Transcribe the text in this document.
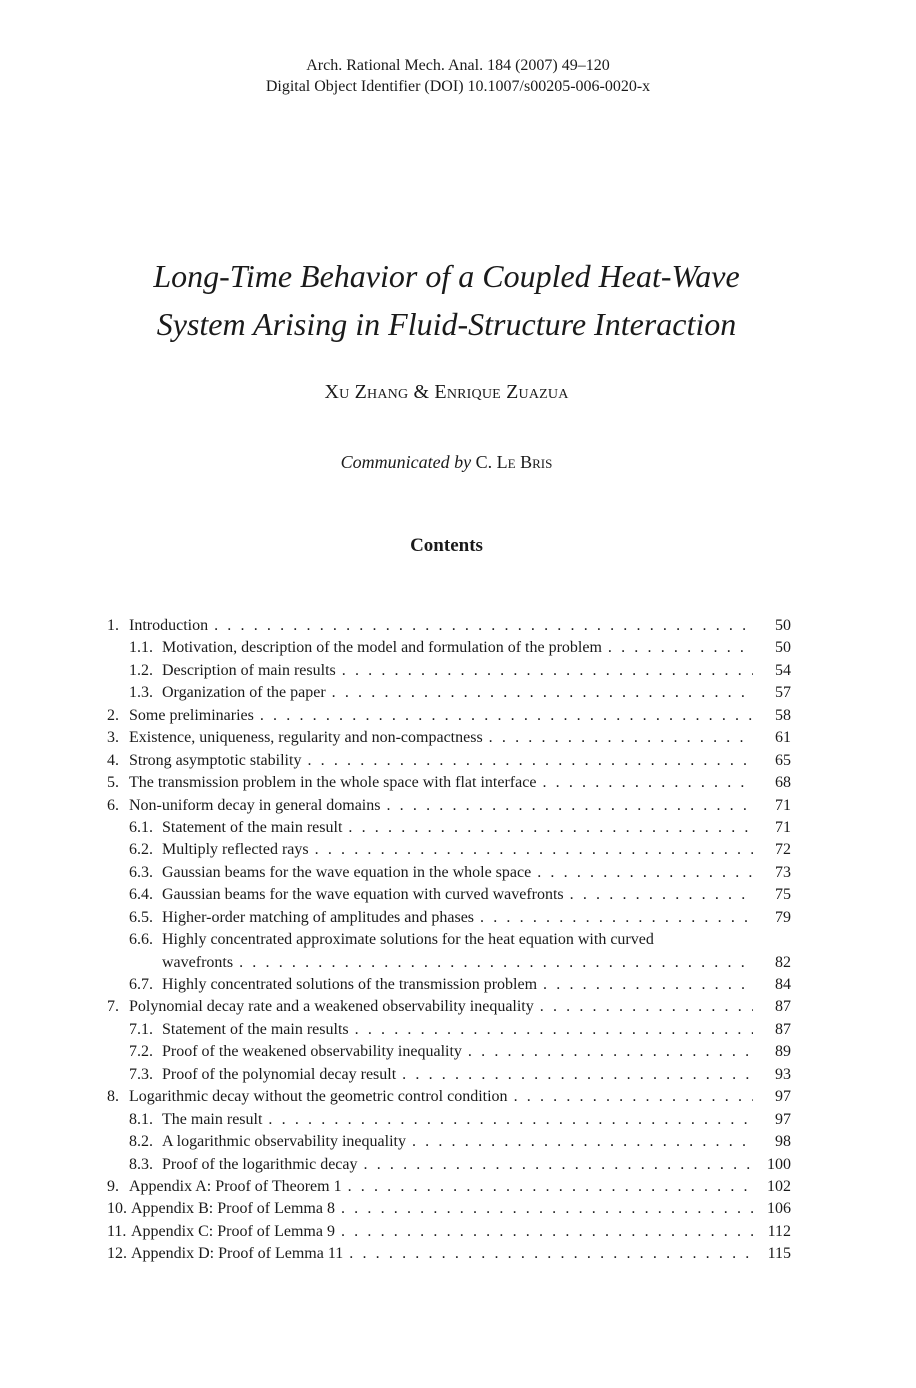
Arch. Rational Mech. Anal. 184 (2007) 49–120
Digital Object Identifier (DOI) 10.1007/s00205-006-0020-x
Long-Time Behavior of a Coupled Heat-Wave
System Arising in Fluid-Structure Interaction
Xu Zhang & Enrique Zuazua
Communicated by C. Le Bris
Contents
1. Introduction . . .	50
1.1. Motivation, description of the model and formulation of the problem . . .	50
1.2. Description of main results . . .	54
1.3. Organization of the paper . . .	57
2. Some preliminaries . . .	58
3. Existence, uniqueness, regularity and non-compactness . . .	61
4. Strong asymptotic stability . . .	65
5. The transmission problem in the whole space with flat interface . . .	68
6. Non-uniform decay in general domains . . .	71
6.1. Statement of the main result . . .	71
6.2. Multiply reflected rays . . .	72
6.3. Gaussian beams for the wave equation in the whole space . . .	73
6.4. Gaussian beams for the wave equation with curved wavefronts . . .	75
6.5. Higher-order matching of amplitudes and phases . . .	79
6.6. Highly concentrated approximate solutions for the heat equation with curved
wavefronts . . .	82
6.7. Highly concentrated solutions of the transmission problem . . .	84
7. Polynomial decay rate and a weakened observability inequality . . .	87
7.1. Statement of the main results . . .	87
7.2. Proof of the weakened observability inequality . . .	89
7.3. Proof of the polynomial decay result . . .	93
8. Logarithmic decay without the geometric control condition . . .	97
8.1. The main result . . .	97
8.2. A logarithmic observability inequality . . .	98
8.3. Proof of the logarithmic decay . . .	100
9. Appendix A: Proof of Theorem 1 . . .	102
10. Appendix B: Proof of Lemma 8 . . .	106
11. Appendix C: Proof of Lemma 9 . . .	112
12. Appendix D: Proof of Lemma 11 . . .	115
